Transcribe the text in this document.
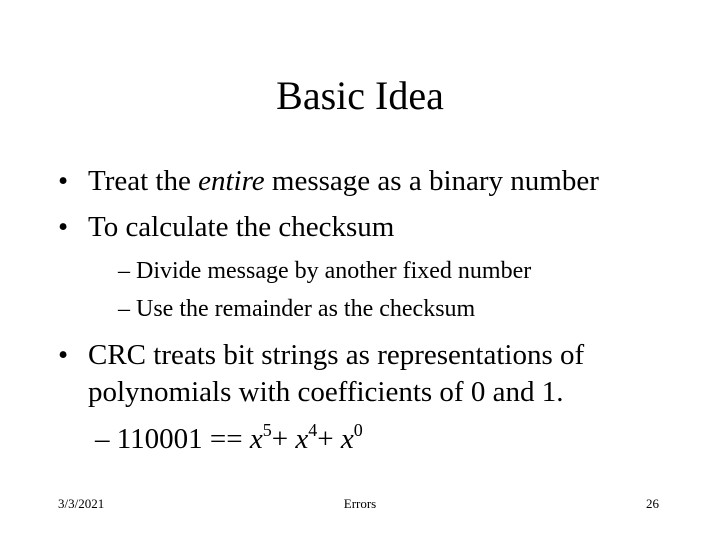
Basic Idea
• Treat the entire message as a binary number
• To calculate the checksum
– Divide message by another fixed number
– Use the remainder as the checksum
• CRC treats bit strings as representations of
polynomials with coefficients of 0 and 1.
– $110001 == x^5+ x^4+ x^0$
3/3/2021	Errors	26
